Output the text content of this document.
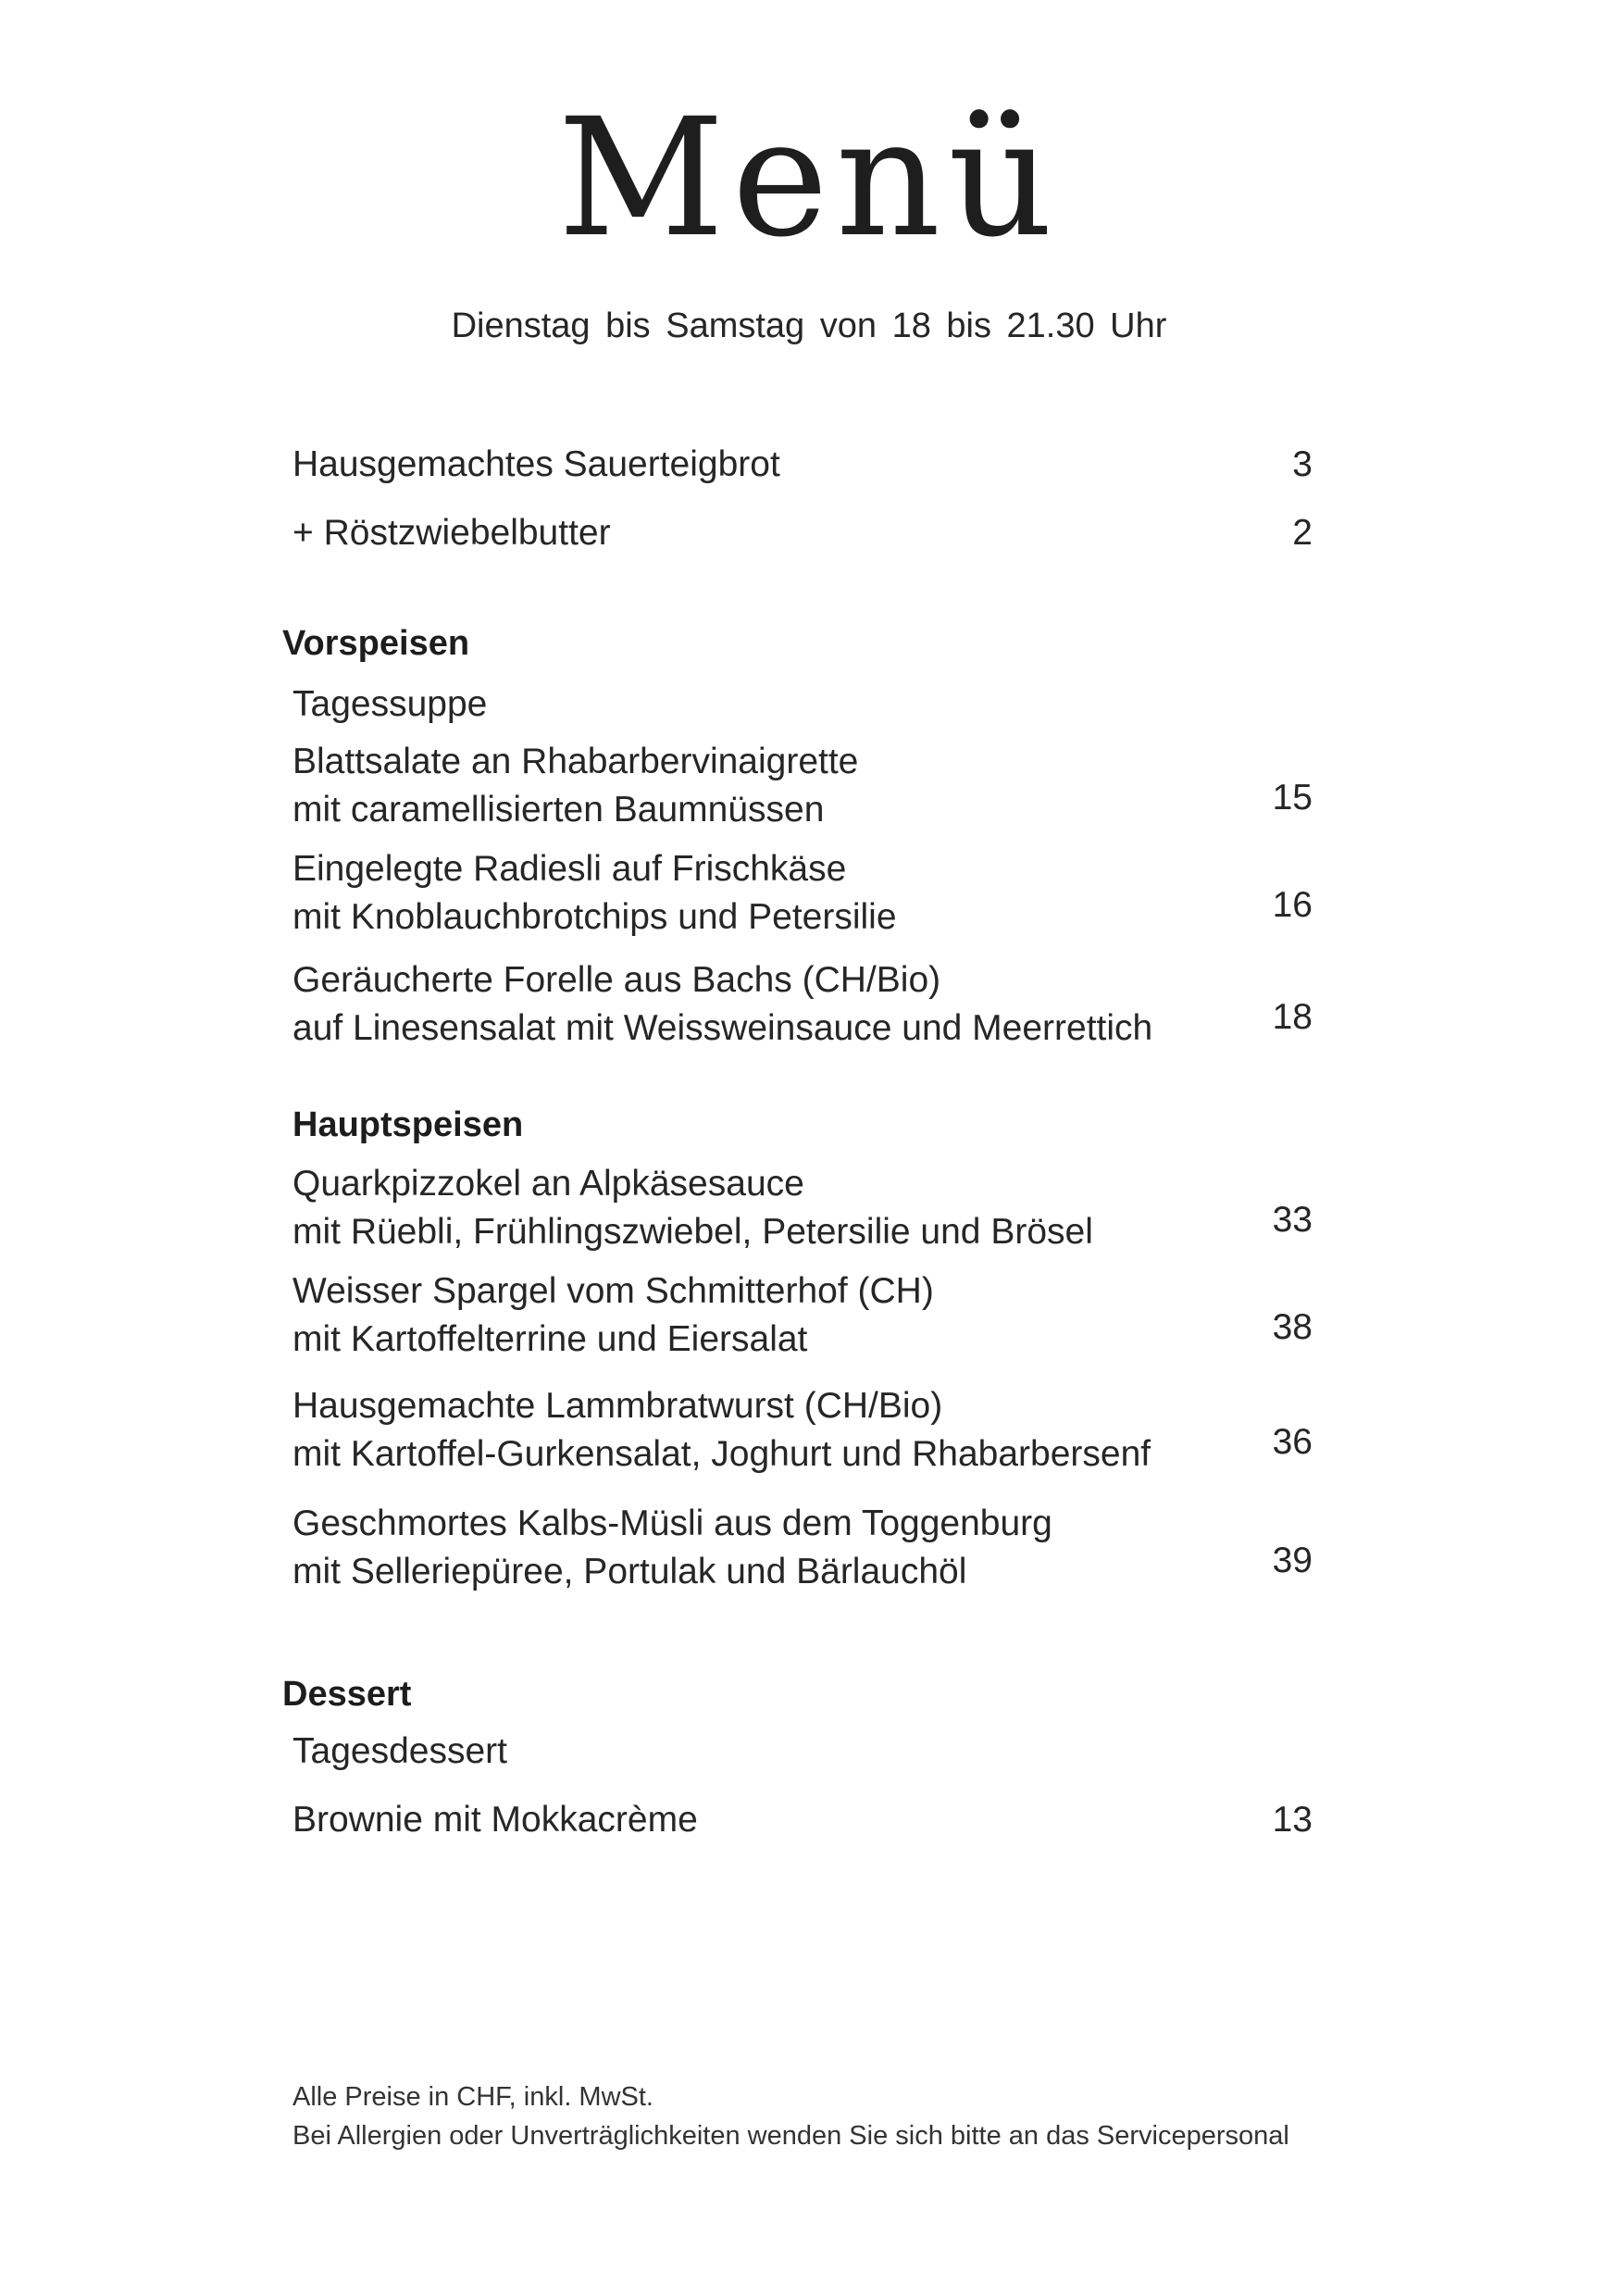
Menü
Dienstag bis Samstag von 18 bis 21.30 Uhr
Hausgemachtes Sauerteigbrot	3
+ Röstzwiebelbutter	2
Vorspeisen
Tagessuppe
Blattsalate an Rhabarbervinaigrette
mit caramellisierten Baumnüssen	15
Eingelegte Radiesli auf Frischkäse
mit Knoblauchbrotchips und Petersilie	16
Geräucherte Forelle aus Bachs (CH/Bio)
auf Linesensalat mit Weissweinsauce und Meerrettich	18
Hauptspeisen
Quarkpizzokel an Alpkäsesauce
mit Rüebli, Frühlingszwiebel, Petersilie und Brösel	33
Weisser Spargel vom Schmitterhof (CH)
mit Kartoffelterrine und Eiersalat	38
Hausgemachte Lammbratwurst (CH/Bio)
mit Kartoffel-Gurkensalat, Joghurt und Rhabarbersenf	36
Geschmortes Kalbs-Müsli aus dem Toggenburg
mit Selleriepüree, Portulak und Bärlauchöl	39
Dessert
Tagesdessert
Brownie mit Mokkacrème	13
Alle Preise in CHF, inkl. MwSt.
Bei Allergien oder Unverträglichkeiten wenden Sie sich bitte an das Servicepersonal
